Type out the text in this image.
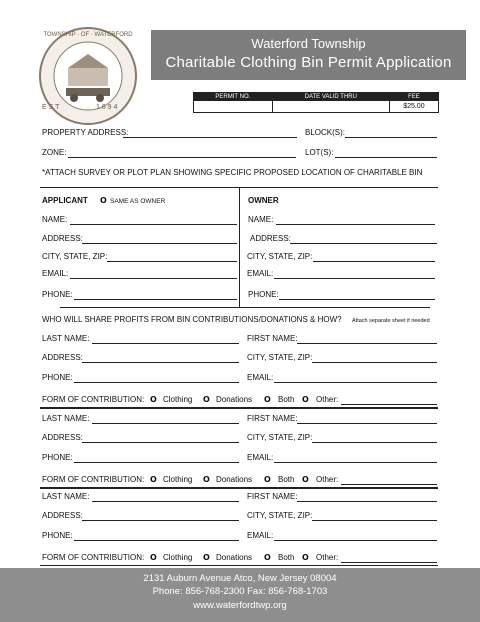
TOWNSHIP · OF · WATERFORD
E S T	1 6 9 4
Waterford Township
Charitable Clothing Bin Permit Application
PERMIT NO.	DATE VALID THRU	FEE
		$25.00
PROPERTY ADDRESS:	BLOCK(S):
ZONE:	LOT(S):
*ATTACH SURVEY OR PLOT PLAN SHOWING SPECIFIC PROPOSED LOCATION OF CHARITABLE BIN
APPLICANT O SAME AS OWNER	OWNER
NAME:	NAME:
ADDRESS:	ADDRESS:
CITY, STATE, ZIP:	CITY, STATE, ZIP:
EMAIL:	EMAIL:
PHONE:	PHONE:
WHO WILL SHARE PROFITS FROM BIN CONTRIBUTIONS/DONATIONS & HOW? Attach separate sheet if needed
LAST NAME:	FIRST NAME:
ADDRESS:	CITY, STATE, ZIP:
PHONE:	EMAIL:
FORM OF CONTRIBUTION: O Clothing O Donations O Both O Other:
LAST NAME:	FIRST NAME:
ADDRESS:	CITY, STATE, ZIP:
PHONE:	EMAIL:
FORM OF CONTRIBUTION: O Clothing O Donations O Both O Other:
LAST NAME:	FIRST NAME:
ADDRESS:	CITY, STATE, ZIP:
PHONE:	EMAIL:
FORM OF CONTRIBUTION: O Clothing O Donations O Both O Other:
2131 Auburn Avenue Atco, New Jersey 08004
Phone: 856-768-2300 Fax: 856-768-1703
www.waterfordtwp.org
